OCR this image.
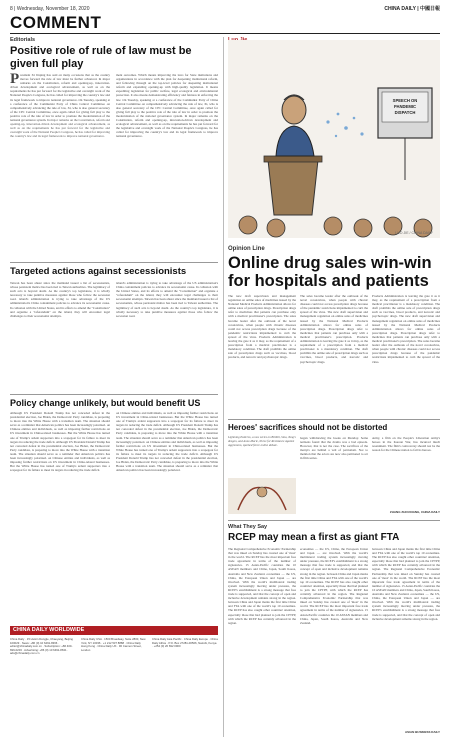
8 | Wednesday, November 18, 2020	CHINA DAILY | 中國日報
COMMENT
Editorials
Positive role of rule of law must be given full play
President Xi Jinping has said on many occasions that as the country moves forward the rule of law must be further advanced. In major remarks on the Constitution, reform and opening-up, innovation-driven development and ecological advancement, as well as on the requirements he has put forward for the legislative and oversight work of the National People's Congress, he has called for improving the country's law and its legal framework to improve national governance. On Tuesday, speaking at a conference of the Communist Party of China Central Committee on comprehensively advancing the rule of law, Xi, who is also general secretary of the CPC Central Committee, once again called for giving full play to the positive role of the rule of law in order to promote the modernization of the national governance system. In major remarks on the Constitution, reform and opening-up, innovation-driven development and ecological advancement, as well as on the requirements he has put forward for the legislative and oversight work of the National People's Congress, he has called for improving the country's law and its legal framework to improve national governance.
ment outcomes. Which means improving the laws for State institutions and organizations in accordance with the plan for deepening institutional reform, and following through on the top-level policies for deepening institutional reform and expanding opening-up with high-quality legislation. It means expediting legislation for public welfare, legal ecological and environmental protection. It also means demonstrating efficiency and fairness in enforcing the law. On Tuesday, speaking at a conference of the Communist Party of China Central Committee on comprehensively advancing the rule of law, Xi, who is also general secretary of the CPC Central Committee, once again called for giving full play to the positive role of the rule of law in order to promote the modernization of the national governance system. In major remarks on the Constitution, reform and opening-up, innovation-driven development and ecological advancement, as well as on the requirements he has put forward for the legislative and oversight work of the National People's Congress, he has called for improving the country's law and its legal framework to improve national governance.
Targeted actions against secessionists
Taiwan has been abuzz since the mainland issued a list of secessionists, whose persistent malice has been tied to Taiwan authorities. The legitimacy of such acts is beyond doubt. As the country's top legislature, it is wholly necessary to take punitive measures against those who follow the secession road. island's administration is trying to take advantage of the US administration's China containment policies to advance its secessionist cause. In collusion with the United States, and its efforts to amend the "Constitution" and organize a "referendum" on the island, they will encounter legal challenges to their secessionist attempts.
island's administration is trying to take advantage of the US administration's China containment policies to advance its secessionist cause. In collusion with the United States, and its efforts to amend the "Constitution" and organize a "referendum" on the island, they will encounter legal challenges to their secessionist attempts. Taiwan has been abuzz since the mainland issued a list of secessionists, whose persistent malice has been tied to Taiwan authorities. The legitimacy of such acts is beyond doubt. As the country's top legislature, it is wholly necessary to take punitive measures against those who follow the secession road.
Policy change unlikely, but would benefit US
Although US President Donald Trump has not conceded defeat in the presidential election, Joe Biden, the Democratic Party candidate, is preparing to move into the White House with a transition team. The situation should serve as a reminder that American politics has been increasingly polarized. on Chinese entities and individuals, as well as imposing further restrictions on US investment in China-related businesses. But the White House has turned one of Trump's ardent supporters into a scapegoat for its failure to meet its targets in reducing the trade deficit. Although US President Donald Trump has not conceded defeat in the presidential election, Joe Biden, the Democratic Party candidate, is preparing to move into the White House with a transition team. The situation should serve as a reminder that American politics has been increasingly polarized. on Chinese entities and individuals, as well as imposing further restrictions on US investment in China-related businesses. But the White House has turned one of Trump's ardent supporters into a scapegoat for its failure to meet its targets in reducing the trade deficit.
on Chinese entities and individuals, as well as imposing further restrictions on US investment in China-related businesses. But the White House has turned one of Trump's ardent supporters into a scapegoat for its failure to meet its targets in reducing the trade deficit. Although US President Donald Trump has not conceded defeat in the presidential election, Joe Biden, the Democratic Party candidate, is preparing to move into the White House with a transition team. The situation should serve as a reminder that American politics has been increasingly polarized. on Chinese entities and individuals, as well as imposing further restrictions on US investment in China-related businesses. But the White House has turned one of Trump's ardent supporters into a scapegoat for its failure to meet its targets in reducing the trade deficit. Although US President Donald Trump has not conceded defeat in the presidential election, Joe Biden, the Democratic Party candidate, is preparing to move into the White House with a transition team. The situation should serve as a reminder that American politics has been increasingly polarized.
CHINA DAILY WORLDWIDE
China Daily · 15 Huixin Dongjie, Chaoyang, Beijing 100029 · News: +86 (0) 10 6491-8366 · editor@chinadaily.com.cn · Subscription: +86 400-699-0203 · Advertising: +86 (0) 10 6491-8631 · ads@chinadaily.com.cn
China Daily USA · 1500 Broadway, Suite 2800, New York, NY 10036 · +1 212 537 8888 · China Daily Hong Kong · China Daily UK · 90 Cannon Street, London
China Daily Asia Pacific · China Daily Europe · China Daily Africa · P.O. Box 27281-00506, Nairobi, Kenya · +254 (0) 20 692 0900
SPEECH ON
PANDEMIC
DISPATCH
LUO JIE / CHINA DAILY
Opinion Line
Online drug sales win-win for hospitals and patients
The new draft supervision and management regulation on online sales of medicines issued by the National Medical Products Administration allows for online sales of prescription drugs. Prescription drugs refer to medicines that patients can purchase only with a medical practitioner's prescription. The sales became leader after the outbreak of the novel coronavirus, when people with chronic diseases could not access prescription drugs because of the pandemic restrictions implemented to curb the spread of the virus. Products Administration is leaving the gate it as it may, as the requirement of a prescription from a medical practitioner is a mandatory condition. The draft prohibits the online sale of prescription drugs such as vaccines, blood products, and narcotic and psychotropic drugs.
The sales became leader after the outbreak of the novel coronavirus, when people with chronic diseases could not access prescription drugs because of the pandemic restrictions implemented to curb the spread of the virus. The new draft supervision and management regulation on online sales of medicines issued by the National Medical Products Administration allows for online sales of prescription drugs. Prescription drugs refer to medicines that patients can purchase only with a medical practitioner's prescription. Products Administration is leaving the gate it as it may, as the requirement of a prescription from a medical practitioner is a mandatory condition. The draft prohibits the online sale of prescription drugs such as vaccines, blood products, and narcotic and psychotropic drugs.
Products Administration is leaving the gate it as it may, as the requirement of a prescription from a medical practitioner is a mandatory condition. The draft prohibits the online sale of prescription drugs such as vaccines, blood products, and narcotic and psychotropic drugs. The new draft supervision and management regulation on online sales of medicines issued by the National Medical Products Administration allows for online sales of prescription drugs. Prescription drugs refer to medicines that patients can purchase only with a medical practitioner's prescription. The sales became leader after the outbreak of the novel coronavirus, when people with chronic diseases could not access prescription drugs because of the pandemic restrictions implemented to curb the spread of the virus.
Heroes' sacrifices should not be distorted
Lightning Patterns, a new series on Bilibili, Sina, Tang's dragon, and Anne-Marie, Nurse for Resistance Against Aggression, sparked fierce online debate.
began withdrawing the books on Monday. Some netizens found that the drama was a bad episode. However, that is not the case. The sacrifices of the martyrs are behind a veil of patriotism. Not to mention that the actors are now also petitioned to act in film series.
Army, a film on the People's Liberation Army's heroes in the Korean War, has incurred much resentment. The film's controversy should not be the reason for the Chinese nation to fail its heroes.
ZHANG ZHOUXIANG, CHINA DAILY
What They Say
RCEP may mean a first as giant FTA
The Regional Comprehensive Economic Partnership that was inked on Sunday has created one of 'most' in the world. The RCEP has the most important free trade agreement in terms of the number of signatories. 15 Asian-Pacific countries the 10 ASEAN members and China, Japan, South Korea, Australia and New Zealand. economies — the US, China, the European Union and Japan — are involved. With the world's multilateral trading system increasingly moving under pressure, the RCEP's establishment is a strong message that free trade is supported, and that the concept of open and inclusive development remains strong in the region. between China and Japan marks the first time China and FTA with one of the world's top 10 economies. The RCEP has also caught other countries' attention, especially those that had planned to join the CPTPP, with which the RCEP has certainly advanced in the region.
economies — the US, China, the European Union and Japan — are involved. With the world's multilateral trading system increasingly moving under pressure, the RCEP's establishment is a strong message that free trade is supported, and that the concept of open and inclusive development remains strong in the region. between China and Japan marks the first time China and FTA with one of the world's top 10 economies. The RCEP has also caught other countries' attention, especially those that had planned to join the CPTPP, with which the RCEP has certainly advanced in the region. The Regional Comprehensive Economic Partnership that was inked on Sunday has created one of 'most' in the world. The RCEP has the most important free trade agreement in terms of the number of signatories. 15 Asian-Pacific countries the 10 ASEAN members and China, Japan, South Korea, Australia and New Zealand.
between China and Japan marks the first time China and FTA with one of the world's top 10 economies. The RCEP has also caught other countries' attention, especially those that had planned to join the CPTPP, with which the RCEP has certainly advanced in the region. The Regional Comprehensive Economic Partnership that was inked on Sunday has created one of 'most' in the world. The RCEP has the most important free trade agreement in terms of the number of signatories. 15 Asian-Pacific countries the 10 ASEAN members and China, Japan, South Korea, Australia and New Zealand. economies — the US, China, the European Union and Japan — are involved. With the world's multilateral trading system increasingly moving under pressure, the RCEP's establishment is a strong message that free trade is supported, and that the concept of open and inclusive development remains strong in the region.
ASIAN BUSINESS DAILY
